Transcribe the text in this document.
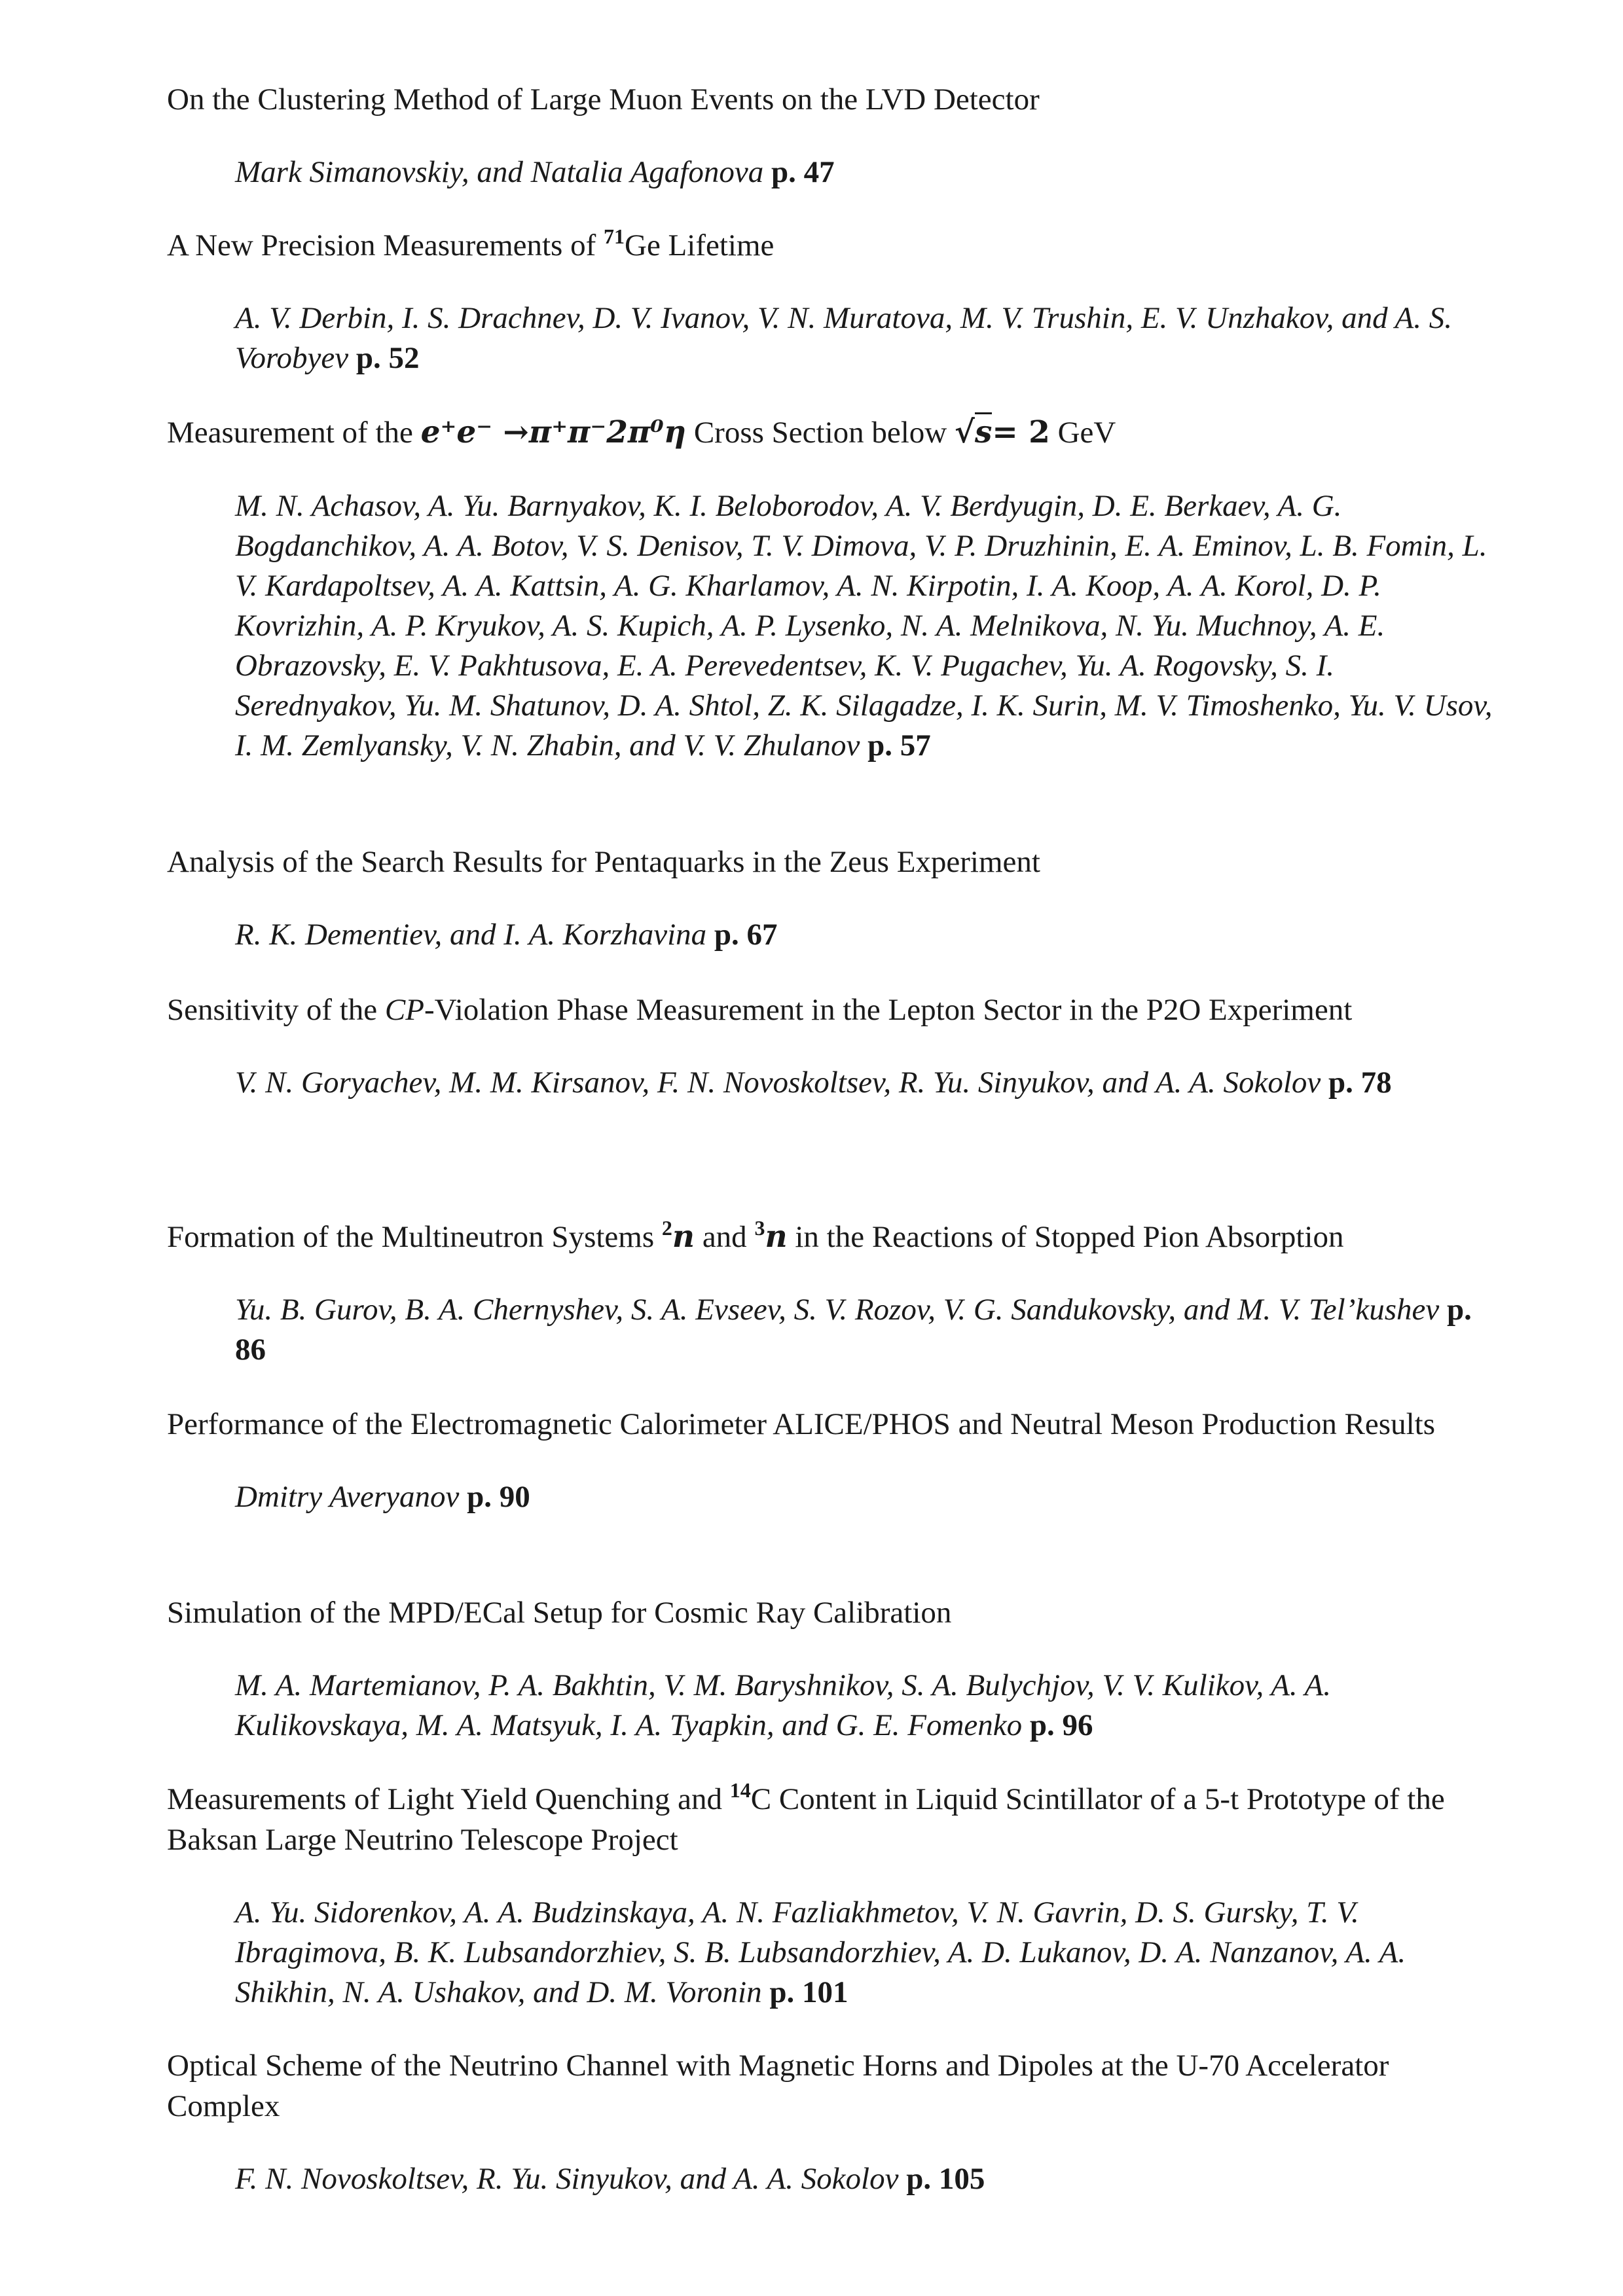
On the Clustering Method of Large Muon Events on the LVD Detector

Mark Simanovskiy, and Natalia Agafonova p. 47

A New Precision Measurements of $^{71}$Ge Lifetime

A. V. Derbin, I. S. Drachnev, D. V. Ivanov, V. N. Muratova, M. V. Trushin, E. V. Unzhakov, and A. S. Vorobyev p. 52

Measurement of the e⁺e⁻ →π⁺π⁻2π⁰η Cross Section below √s= 2 GeV

M. N. Achasov, A. Yu. Barnyakov, K. I. Beloborodov, A. V. Berdyugin, D. E. Berkaev, A. G. Bogdanchikov, A. A. Botov, V. S. Denisov, T. V. Dimova, V. P. Druzhinin, E. A. Eminov, L. B. Fomin, L. V. Kardapoltsev, A. A. Kattsin, A. G. Kharlamov, A. N. Kirpotin, I. A. Koop, A. A. Korol, D. P. Kovrizhin, A. P. Kryukov, A. S. Kupich, A. P. Lysenko, N. A. Melnikova, N. Yu. Muchnoy, A. E. Obrazovsky, E. V. Pakhtusova, E. A. Perevedentsev, K. V. Pugachev, Yu. A. Rogovsky, S. I. Serednyakov, Yu. M. Shatunov, D. A. Shtol, Z. K. Silagadze, I. K. Surin, M. V. Timoshenko, Yu. V. Usov, I. M. Zemlyansky, V. N. Zhabin, and V. V. Zhulanov p. 57

Analysis of the Search Results for Pentaquarks in the Zeus Experiment

R. K. Dementiev, and I. A. Korzhavina p. 67

Sensitivity of the CP-Violation Phase Measurement in the Lepton Sector in the P2O Experiment

V. N. Goryachev, M. M. Kirsanov, F. N. Novoskoltsev, R. Yu. Sinyukov, and A. A. Sokolov p. 78

Formation of the Multineutron Systems $^2$n and $^3$n in the Reactions of Stopped Pion Absorption

Yu. B. Gurov, B. A. Chernyshev, S. A. Evseev, S. V. Rozov, V. G. Sandukovsky, and M. V. Tel’kushev p. 86

Performance of the Electromagnetic Calorimeter ALICE/PHOS and Neutral Meson Production Results

Dmitry Averyanov p. 90

Simulation of the MPD/ECal Setup for Cosmic Ray Calibration

M. A. Martemianov, P. A. Bakhtin, V. M. Baryshnikov, S. A. Bulychjov, V. V. Kulikov, A. A. Kulikovskaya, M. A. Matsyuk, I. A. Tyapkin, and G. E. Fomenko p. 96

Measurements of Light Yield Quenching and $^{14}$C Content in Liquid Scintillator of a 5-t Prototype of the Baksan Large Neutrino Telescope Project

A. Yu. Sidorenkov, A. A. Budzinskaya, A. N. Fazliakhmetov, V. N. Gavrin, D. S. Gursky, T. V. Ibragimova, B. K. Lubsandorzhiev, S. B. Lubsandorzhiev, A. D. Lukanov, D. A. Nanzanov, A. A. Shikhin, N. A. Ushakov, and D. M. Voronin p. 101

Optical Scheme of the Neutrino Channel with Magnetic Horns and Dipoles at the U-70 Accelerator Complex

F. N. Novoskoltsev, R. Yu. Sinyukov, and A. A. Sokolov p. 105
